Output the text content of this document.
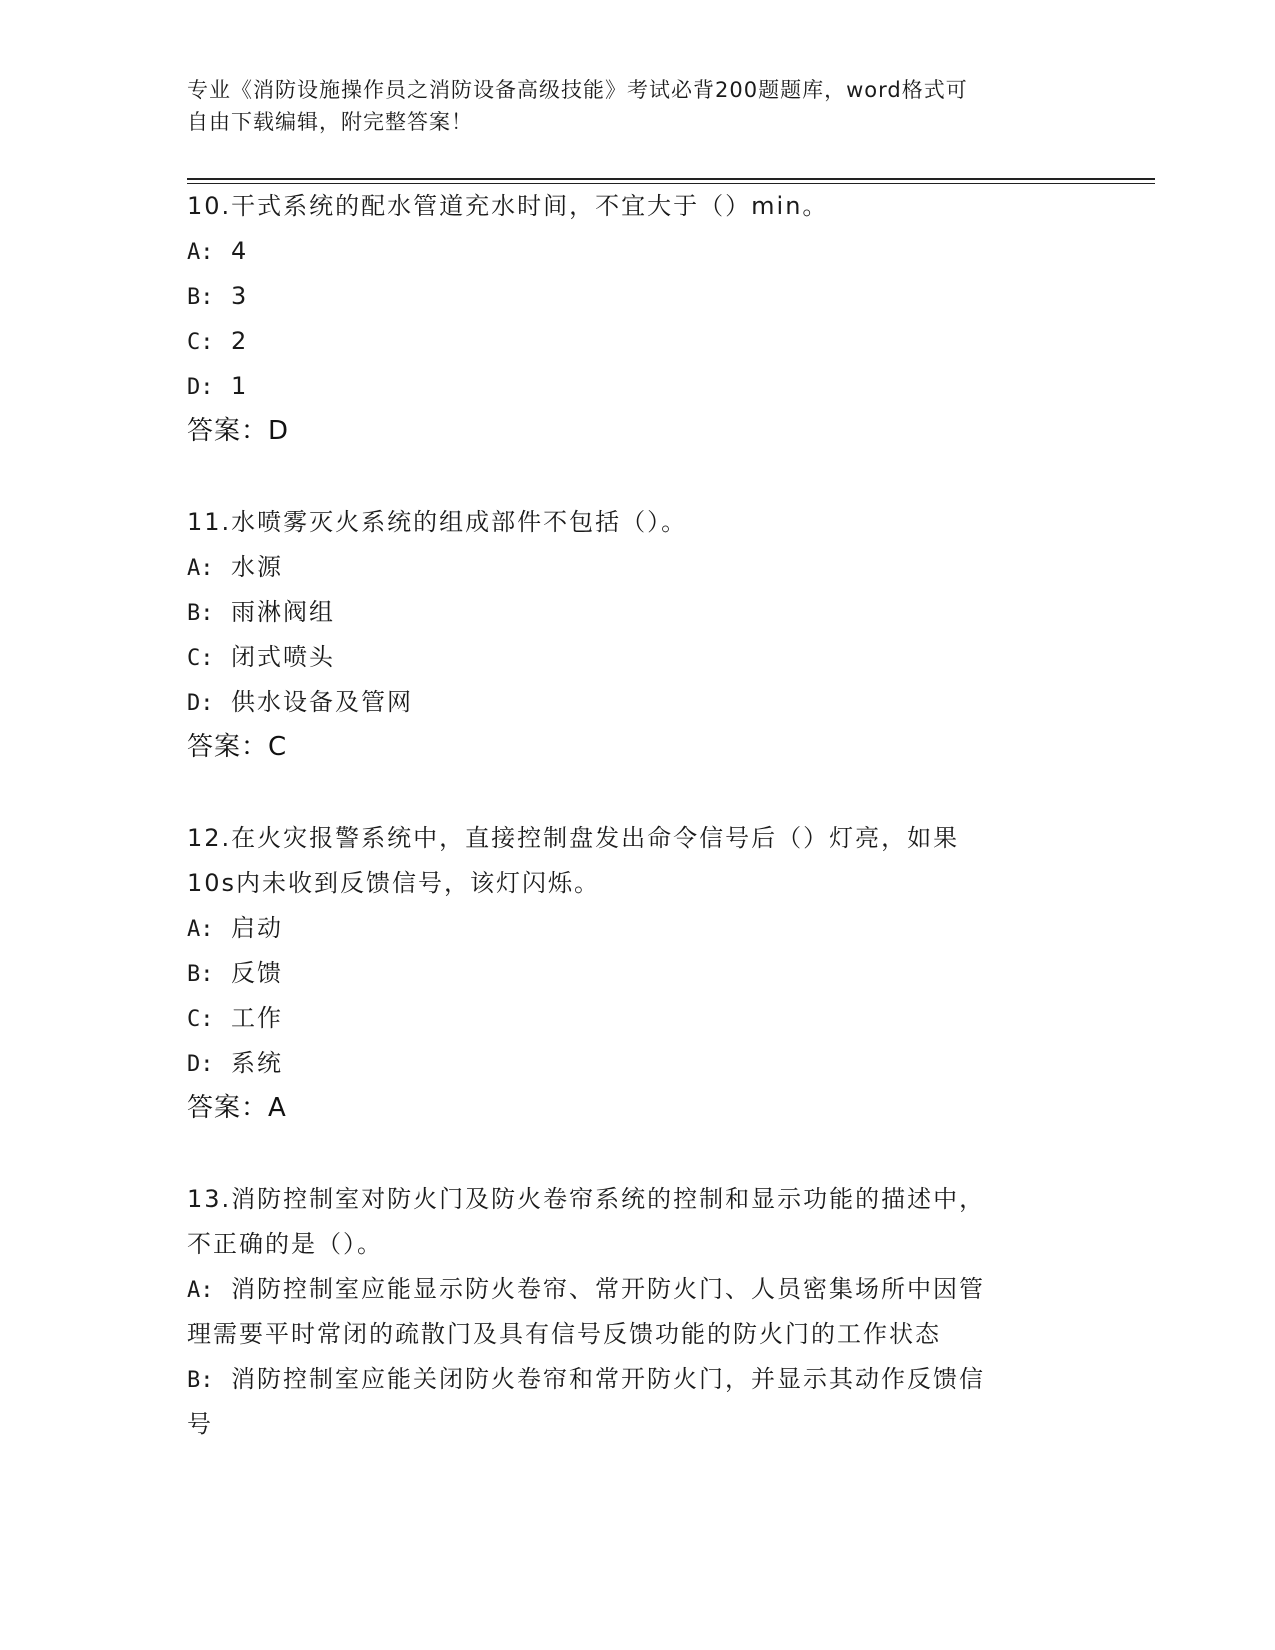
专业《消防设施操作员之消防设备高级技能》考试必背200题题库，word格式可
自由下载编辑，附完整答案！
10.干式系统的配水管道充水时间，不宜大于（）min。
A: 4
B: 3
C: 2
D: 1
答案：D
11.水喷雾灭火系统的组成部件不包括（）。
A: 水源
B: 雨淋阀组
C: 闭式喷头
D: 供水设备及管网
答案：C
12.在火灾报警系统中，直接控制盘发出命令信号后（）灯亮，如果
10s内未收到反馈信号，该灯闪烁。
A: 启动
B: 反馈
C: 工作
D: 系统
答案：A
13.消防控制室对防火门及防火卷帘系统的控制和显示功能的描述中，
不正确的是（）。
A: 消防控制室应能显示防火卷帘、常开防火门、人员密集场所中因管
理需要平时常闭的疏散门及具有信号反馈功能的防火门的工作状态
B: 消防控制室应能关闭防火卷帘和常开防火门，并显示其动作反馈信
号
